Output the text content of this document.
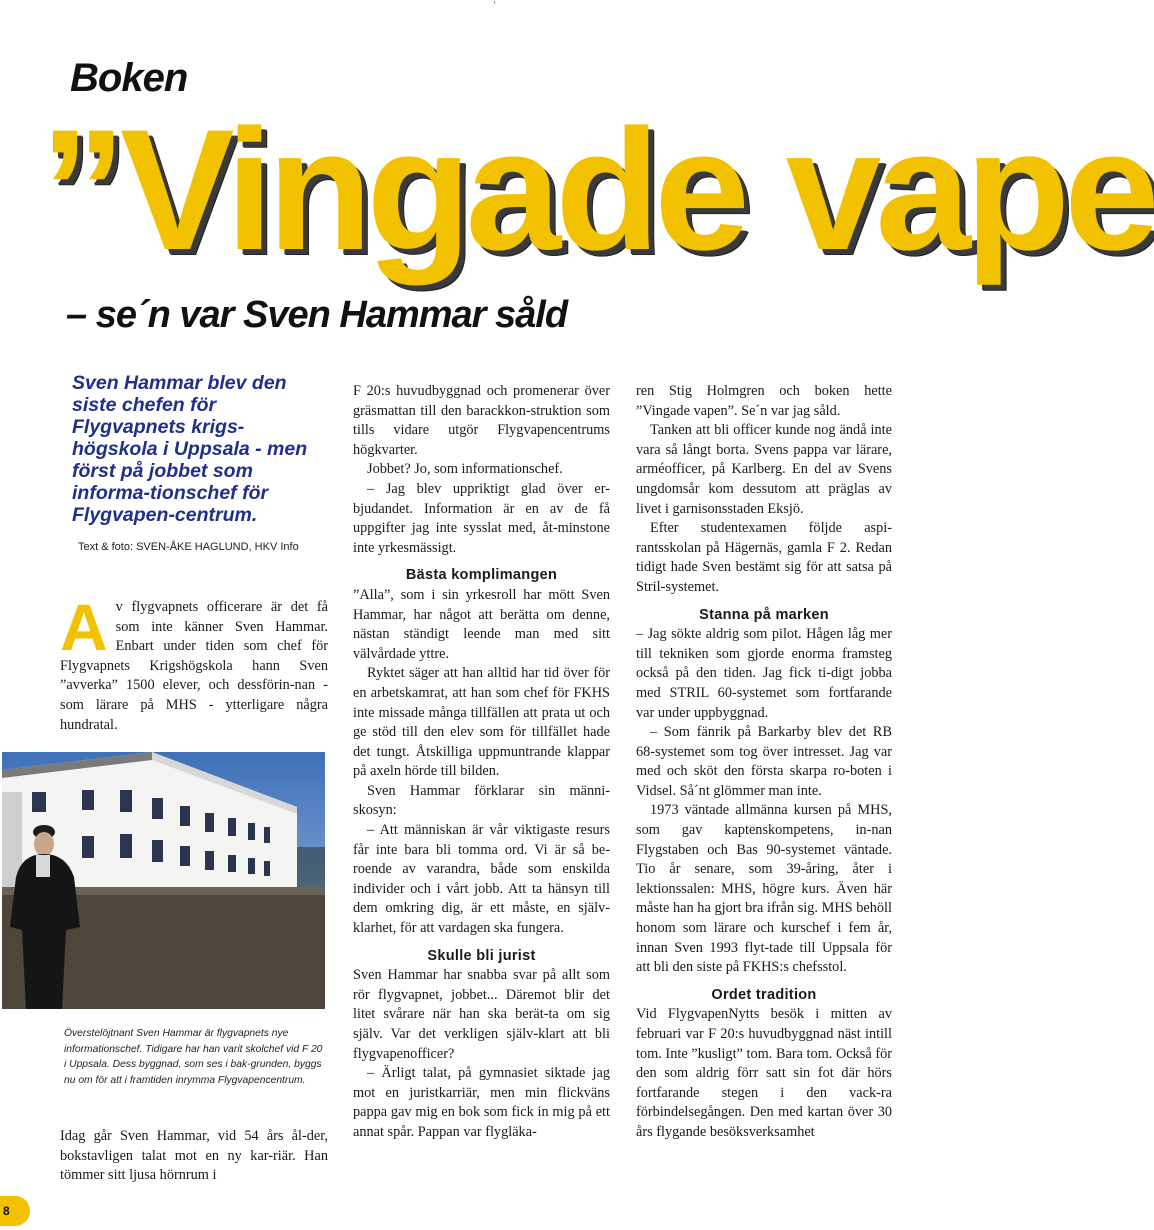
Boken
”Vingade vape
– se´n var Sven Hammar såld
Sven Hammar blev den siste chefen för Flygvapnets krigs-högskola i Uppsala - men först på jobbet som informa-tionschef för Flygvapen-centrum.
Text & foto: SVEN-ÅKE HAGLUND, HKV Info

A v flygvapnets officerare är det få som inte känner Sven Hammar. Enbart under tiden som chef för Flygvapnets Krigshögskola hann Sven ”avverka” 1500 elever, och dessförin-nan - som lärare på MHS - ytterligare några hundratal.

Överstelöjtnant Sven Hammar är flygvapnets nye informationschef. Tidigare har han varit skolchef vid F 20 i Uppsala. Dess byggnad, som ses i bak-grunden, byggs nu om för att i framtiden inrymma Flygvapencentrum.

Idag går Sven Hammar, vid 54 års ål-der, bokstavligen talat mot en ny kar-riär. Han tömmer sitt ljusa hörnrum i

F 20:s huvudbyggnad och promenerar över gräsmattan till den barackkon-struktion som tills vidare utgör Flygvapencentrums högkvarter.

Jobbet? Jo, som informationschef.

– Jag blev uppriktigt glad över er-bjudandet. Information är en av de få uppgifter jag inte sysslat med, åt-minstone inte yrkesmässigt.

Bästa komplimangen

”Alla”, som i sin yrkesroll har mött Sven Hammar, har något att berätta om denne, nästan ständigt leende man med sitt välvårdade yttre.

Ryktet säger att han alltid har tid över för en arbetskamrat, att han som chef för FKHS inte missade många tillfällen att prata ut och ge stöd till den elev som för tillfället hade det tungt. Åtskilliga uppmuntrande klappar på axeln hörde till bilden.

Sven Hammar förklarar sin männi-skosyn:

– Att människan är vår viktigaste resurs får inte bara bli tomma ord. Vi är så be-roende av varandra, både som enskilda individer och i vårt jobb. Att ta hänsyn till dem omkring dig, är ett måste, en själv-klarhet, för att vardagen ska fungera.

Skulle bli jurist

Sven Hammar har snabba svar på allt som rör flygvapnet, jobbet... Däremot blir det litet svårare när han ska berät-ta om sig själv. Var det verkligen själv-klart att bli flygvapenofficer?

– Ärligt talat, på gymnasiet siktade jag mot en juristkarriär, men min flickväns pappa gav mig en bok som fick in mig på ett annat spår. Pappan var flygläka-

ren Stig Holmgren och boken hette ”Vingade vapen”. Se´n var jag såld.

Tanken att bli officer kunde nog ändå inte vara så långt borta. Svens pappa var lärare, arméofficer, på Karlberg. En del av Svens ungdomsår kom dessutom att präglas av livet i garnisonsstaden Eksjö.

Efter studentexamen följde aspi-rantsskolan på Hägernäs, gamla F 2. Redan tidigt hade Sven bestämt sig för att satsa på Stril-systemet.

Stanna på marken

– Jag sökte aldrig som pilot. Hågen låg mer till tekniken som gjorde enorma framsteg också på den tiden. Jag fick ti-digt jobba med STRIL 60-systemet som fortfarande var under uppbyggnad.

– Som fänrik på Barkarby blev det RB 68-systemet som tog över intresset. Jag var med och sköt den första skarpa ro-boten i Vidsel. Så´nt glömmer man inte.

1973 väntade allmänna kursen på MHS, som gav kaptenskompetens, in-nan Flygstaben och Bas 90-systemet väntade. Tio år senare, som 39-åring, åter i lektionssalen: MHS, högre kurs. Även här måste han ha gjort bra ifrån sig. MHS behöll honom som lärare och kurschef i fem år, innan Sven 1993 flyt-tade till Uppsala för att bli den siste på FKHS:s chefsstol.

Ordet tradition

Vid FlygvapenNytts besök i mitten av februari var F 20:s huvudbyggnad näst intill tom. Inte ”kusligt” tom. Bara tom. Också för den som aldrig förr satt sin fot där hörs fortfarande stegen i den vack-ra förbindelsegången. Den med kartan över 30 års flygande besöksverksamhet

8
